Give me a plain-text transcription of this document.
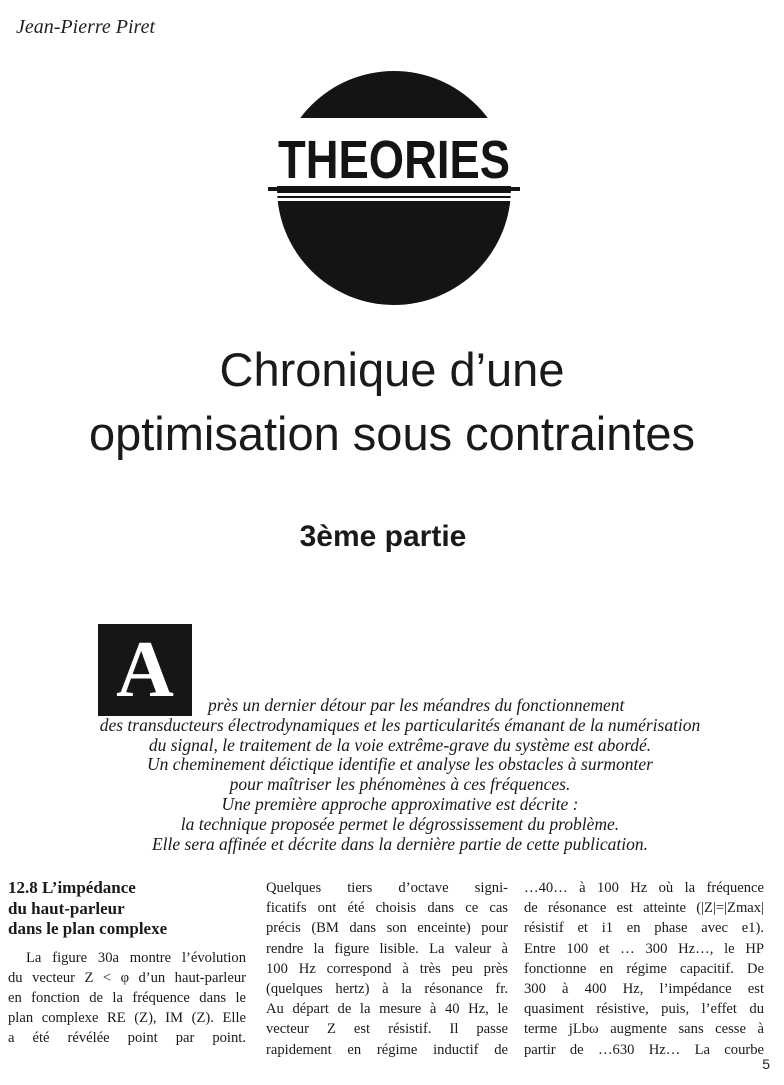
Jean-Pierre Piret
THEORIES
Chronique d’une
optimisation sous contraintes
3ème partie
A	près un dernier détour par les méandres du fonctionnement
des transducteurs électrodynamiques et les particularités émanant de la numérisation
du signal, le traitement de la voie extrême-grave du système est abordé.
Un cheminement déictique identifie et analyse les obstacles à surmonter
pour maîtriser les phénomènes à ces fréquences.
Une première approche approximative est décrite :
la technique proposée permet le dégrossissement du problème.
Elle sera affinée et décrite dans la dernière partie de cette publication.
12.8 L’impédance
du haut-parleur
dans le plan complexe
La figure 30a montre l’évolution
du vecteur Z < φ d’un haut-parleur
en fonction de la fréquence dans le
plan complexe RE (Z), IM (Z). Elle
a été révélée point par point.
Quelques tiers d’octave signi-
ficatifs ont été choisis dans ce cas
précis (BM dans son enceinte) pour
rendre la figure lisible. La valeur à
100 Hz correspond à très peu près
(quelques hertz) à la résonance fr.
Au départ de la mesure à 40 Hz, le
vecteur Z est résistif. Il passe
rapidement en régime inductif de
…40… à 100 Hz où la fréquence
de résonance est atteinte (|Z|=|Zmax|
résistif et i1 en phase avec e1).
Entre 100 et … 300 Hz…, le HP
fonctionne en régime capacitif. De
300 à 400 Hz, l’impédance est
quasiment résistive, puis, l’effet du
terme jLbω augmente sans cesse à
partir de …630 Hz… La courbe
5
